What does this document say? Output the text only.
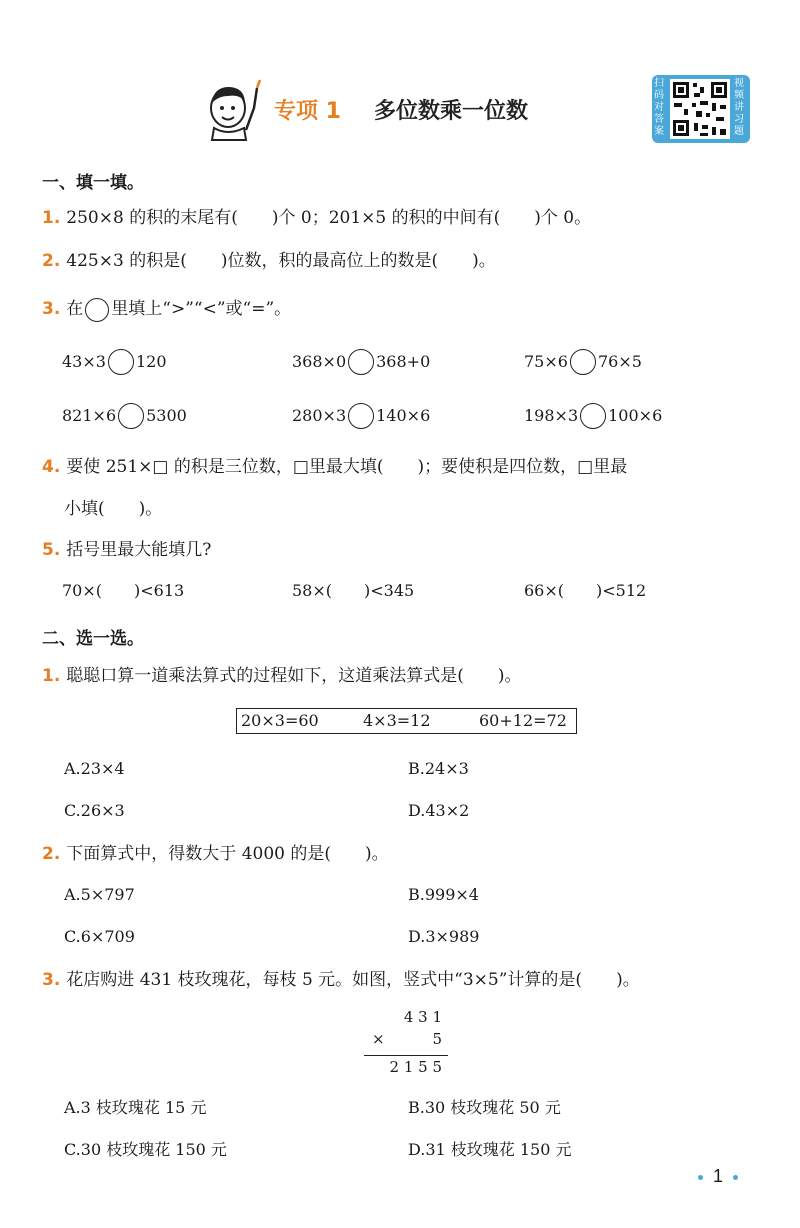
专项 1 多位数乘一位数
扫码对答案
视频讲习题
一、填一填。
1. 250×8 的积的末尾有(　　)个 0；201×5 的积的中间有(　　)个 0。
2. 425×3 的积是(　　)位数，积的最高位上的数是(　　)。
3. 在 里填上“>”“<”或“=”。
43×3 120	368×0 368+0	75×6 76×5
821×6 5300	280×3 140×6	198×3 100×6
4. 要使 251×□ 的积是三位数，□里最大填(　　)；要使积是四位数，□里最
小填(　　)。
5. 括号里最大能填几?
70×(　　)<613	58×(　　)<345	66×(　　)<512
二、选一选。
1. 聪聪口算一道乘法算式的过程如下，这道乘法算式是(　　)。
20×3=60	4×3=12	60+12=72
A.23×4	B.24×3
C.26×3	D.43×2
2. 下面算式中，得数大于 4000 的是(　　)。
A.5×797	B.999×4
C.6×709	D.3×989
3. 花店购进 431 枝玫瑰花，每枝 5 元。如图，竖式中“3×5”计算的是(　　)。
4 3 1
×	5
2 1 5 5
A.3 枝玫瑰花 15 元	B.30 枝玫瑰花 50 元
C.30 枝玫瑰花 150 元	D.31 枝玫瑰花 150 元
1
